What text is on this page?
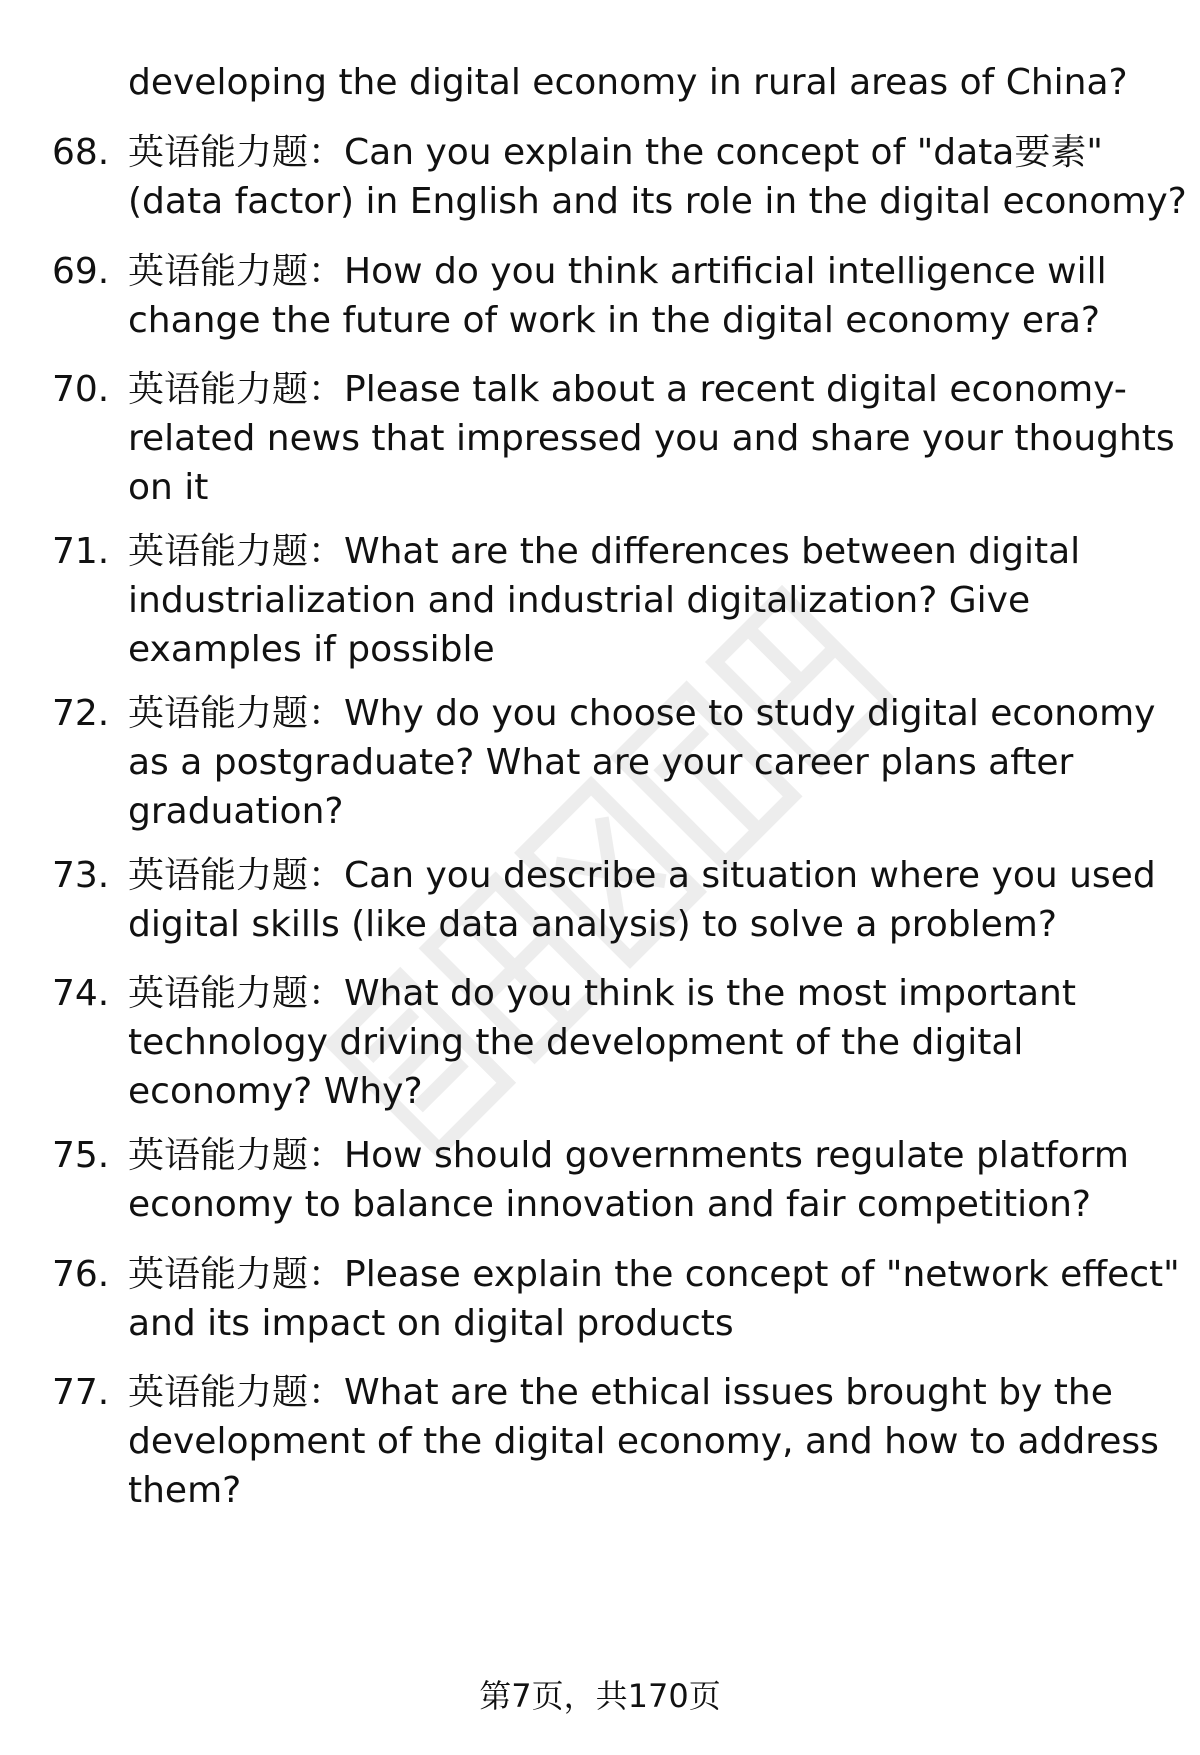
developing the digital economy in rural areas of China?
68. 英语能力题：Can you explain the concept of "data要素"
(data factor) in English and its role in the digital economy?
69. 英语能力题：How do you think artificial intelligence will
change the future of work in the digital economy era?
70. 英语能力题：Please talk about a recent digital economy-
related news that impressed you and share your thoughts
on it
71. 英语能力题：What are the differences between digital
industrialization and industrial digitalization? Give
examples if possible
72. 英语能力题：Why do you choose to study digital economy
as a postgraduate? What are your career plans after
graduation?
73. 英语能力题：Can you describe a situation where you used
digital skills (like data analysis) to solve a problem?
74. 英语能力题：What do you think is the most important
technology driving the development of the digital
economy? Why?
75. 英语能力题：How should governments regulate platform
economy to balance innovation and fair competition?
76. 英语能力题：Please explain the concept of "network effect"
and its impact on digital products
77. 英语能力题：What are the ethical issues brought by the
development of the digital economy, and how to address
them?
第7页，共170页
